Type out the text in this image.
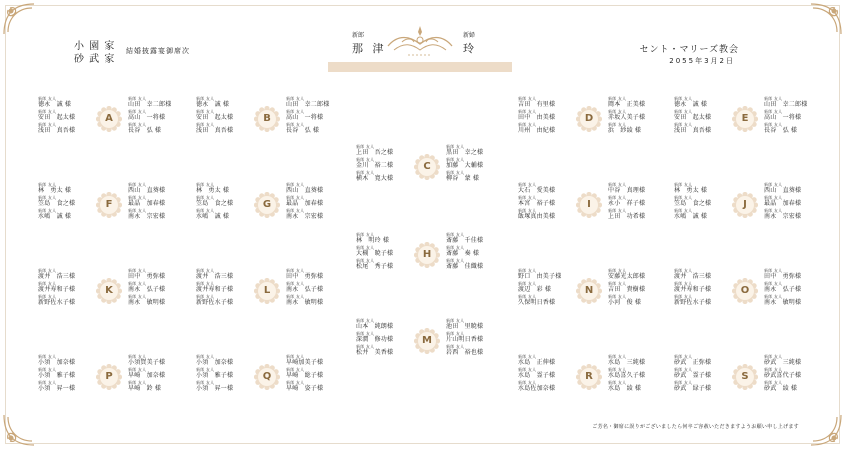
小 園 家
砂 武 家
結婚披露宴御席次
新郎
那 津
新婦
玲	セント・マリーズ教会
2055年3月2日
新郎 友人
徳永　誠 様
新郎 友人
安田　起太様
新郎 友人
浅田　真吾様
新郎 友人
山田　幸二郎様
新郎 友人
高山　一将様
新郎 友人
長谷　弘 様
A
新郎 友人
徳永　誠 様
新郎 友人
安田　起太様
新郎 友人
浅田　真吾様
新郎 友人
山田　幸二郎様
新郎 友人
高山　一将様
新郎 友人
長谷　弘 様
B
新郎 友人
上田　吾之様
新郎 友人
金川　裕二様
新郎 友人
横木　寛大様
新郎 友人
黒田　幸之様
新郎 友人
加藤　大輔様
新郎 友人
柳谷　蒙 様
C
新郎 友人
吉田　有里様
新郎 友人
田中　由美様
新郎 友人
川州　由紀様
新郎 友人
岡本　正美様
新郎 友人
赤坂人美子様
新郎 友人
浜　紗綾 様
D
新郎 友人
徳永　誠 様
新郎 友人
安田　起太様
新郎 友人
浅田　真吾様
新郎 友人
山田　幸二郎様
新郎 友人
高山　一将様
新郎 友人
長谷　弘 様
E
新郎 友人
林　勇太 様
新郎 友人
笠島　食之様
新郎 友人
水嶋　誠 様
新郎 友人
西山　直葵様
新郎 友人
最晶　加春様
新郎 友人
南永　宗宏様
F
新郎 友人
林　勇太 様
新郎 友人
笠島　食之様
新郎 友人
水嶋　誠 様
新郎 友人
西山　直葵様
新郎 友人
最晶　加春様
新郎 友人
南永　宗宏様
G
新郎 友人
林　明玲 様
新郎 友人
大槻　暁子様
新郎 友人
松尾　秀子様
新郎 友人
斎藤　千佳様
新郎 友人
斎藤　奏 様
新郎 友人
斎藤　佳織様
H
新郎 友人
大石　愛美様
新郎 友人
本宮　裕子様
新郎 友人
飯塚真由美様
新郎 友人
中谷　真理様
新郎 友人
永小　祥子様
新郎 友人
上田　功希様
I
新郎 友人
林　勇太 様
新郎 友人
笠島　食之様
新郎 友人
水嶋　誠 様
新郎 友人
西山　直葵様
新郎 友人
最晶　加春様
新郎 友人
南永　宗宏様
J
新郎 友人
渡井　浩三様
新郎 友人
渡井寿和子様
新郎 友人
新野佐水子様
新郎 友人
田中　勇弥様
新郎 友人
南永　弘子様
新郎 友人
南永　敏明様
K
新郎 友人
渡井　浩三様
新郎 友人
渡井寿和子様
新郎 友人
新野佐水子様
新郎 友人
田中　勇弥様
新郎 友人
南永　弘子様
新郎 友人
南永　敏明様
L
新郎 友人
山本　純朗様
新郎 友人
深潤　修功様
新郎 友人
松井　美香様
新郎 友人
池田　里暁様
新郎 友人
片山明日香様
新郎 友人
岩西　裕也様
M
新郎 友人
野口　由美子様
新郎 友人
渡辺　彩 様
新郎 友人
久保明日香様
新郎 友人
安藤光太郎様
新郎 友人
吉田　貴樹様
新郎 友人
小河　俊 様
N
新郎 友人
渡井　浩三様
新郎 友人
渡井寿和子様
新郎 友人
新野佐水子様
新郎 友人
田中　勇弥様
新郎 友人
南永　弘子様
新郎 友人
南永　敏明様
O
新郎 友人
小須　加奈様
新郎 友人
小須　雅子様
新郎 友人
小須　昇一様
新郎 友人
小須賀美子様
新郎 友人
早崎　加奈様
新郎 友人
早崎　鈴 様
P
新郎 友人
小須　加奈様
新郎 友人
小須　雅子様
新郎 友人
小須　昇一様
新郎 友人
早崎加美子様
新郎 友人
早崎　総子様
新郎 友人
早崎　姿子様
Q
新郎 友人
水島　正伸様
新郎 友人
水島　霊子様
新郎 友人
水島佐加奈様
新郎 友人
水島　三純様
新郎 友人
水島喜久子様
新郎 友人
水島　綾 様
R
新郎 友人
砂武　正弥様
新郎 友人
砂武　霊子様
新郎 友人
砂武　緑子様
新郎 友人
砂武　三純様
新郎 友人
砂武喜代子様
新郎 友人
砂武　綾 様
S
ご芳名・御席に誤りがございましたら何卒ご容赦いただきますようお願い申し上げます
